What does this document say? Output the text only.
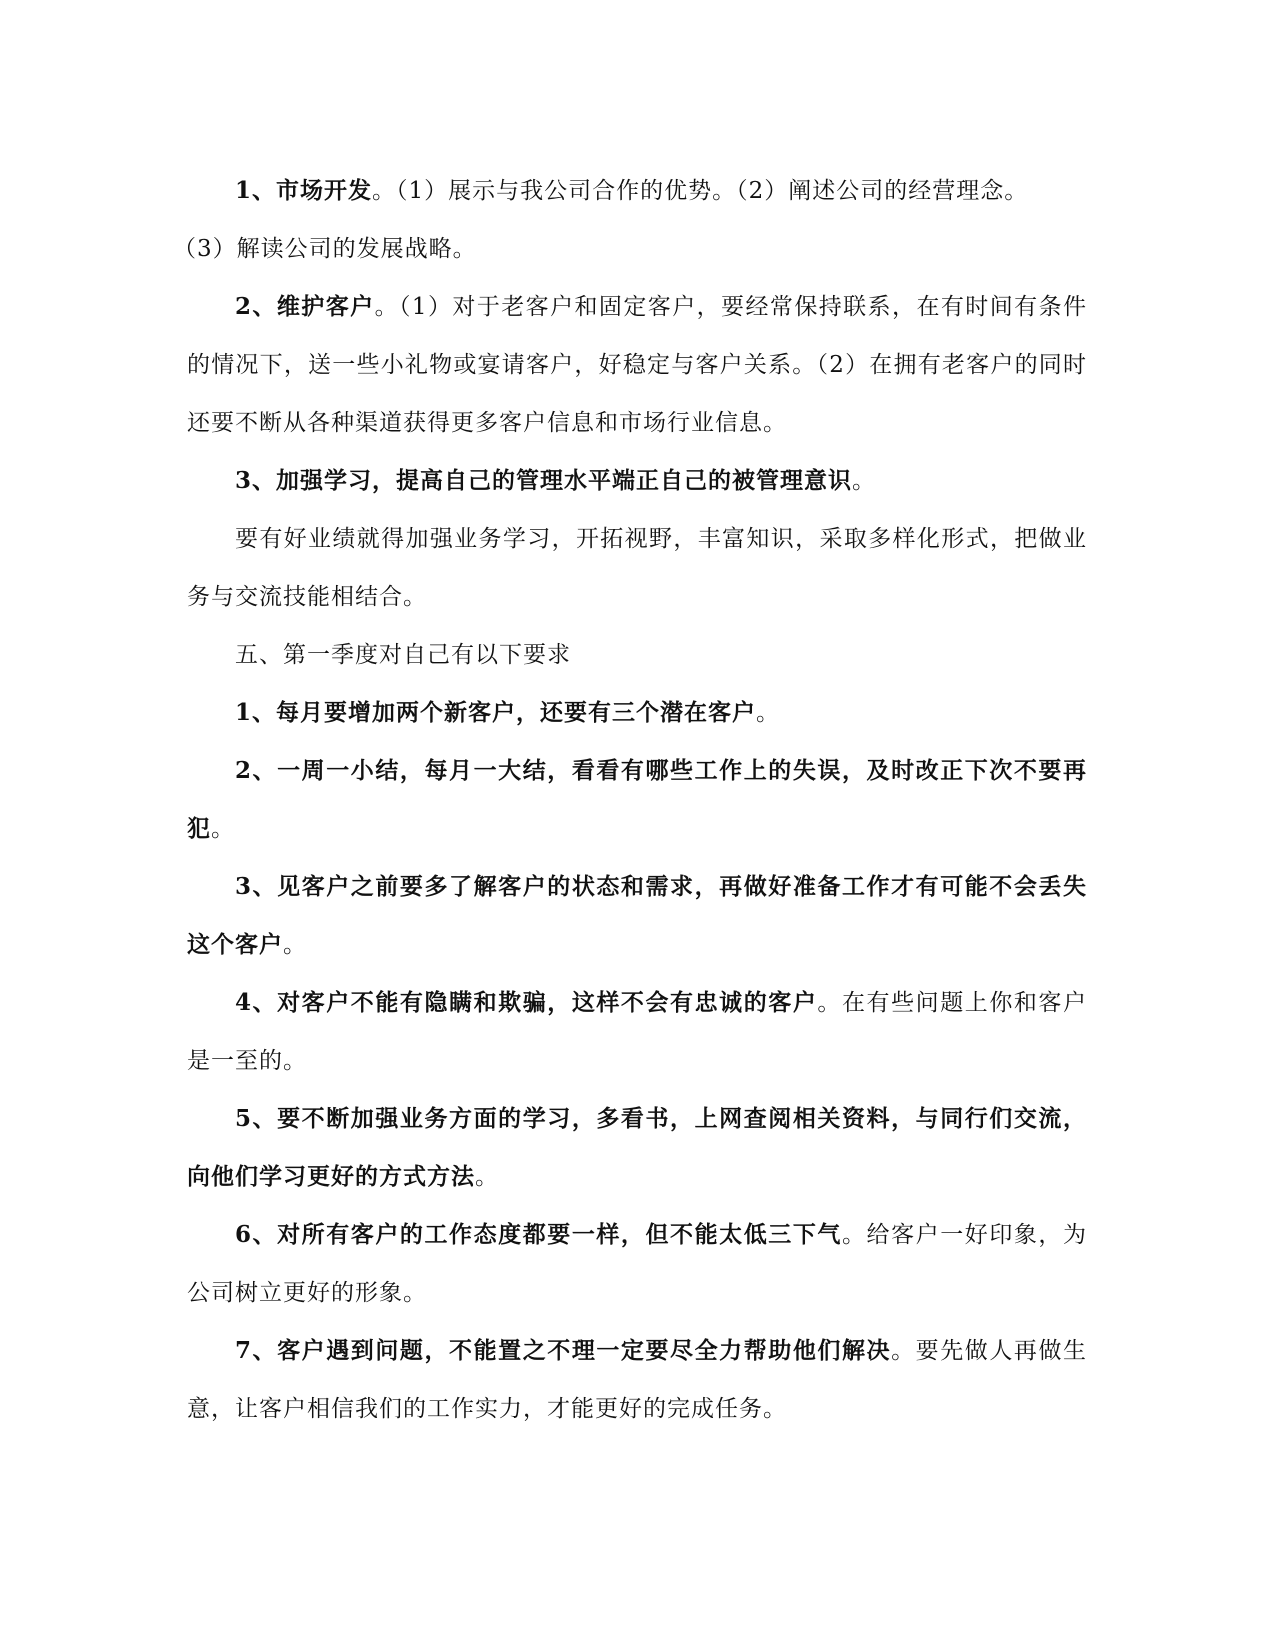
1、市场开发。（1）展示与我公司合作的优势。（2）阐述公司的经营理念。

（3）解读公司的发展战略。

2、维护客户。（1）对于老客户和固定客户，要经常保持联系，在有时间有条件的情况下，送一些小礼物或宴请客户，好稳定与客户关系。（2）在拥有老客户的同时还要不断从各种渠道获得更多客户信息和市场行业信息。

3、加强学习，提高自己的管理水平端正自己的被管理意识。

要有好业绩就得加强业务学习，开拓视野，丰富知识，采取多样化形式，把做业务与交流技能相结合。

五、第一季度对自己有以下要求

1、每月要增加两个新客户，还要有三个潜在客户。

2、一周一小结，每月一大结，看看有哪些工作上的失误，及时改正下次不要再犯。

3、见客户之前要多了解客户的状态和需求，再做好准备工作才有可能不会丢失这个客户。

4、对客户不能有隐瞒和欺骗，这样不会有忠诚的客户。在有些问题上你和客户是一至的。

5、要不断加强业务方面的学习，多看书，上网查阅相关资料，与同行们交流，向他们学习更好的方式方法。

6、对所有客户的工作态度都要一样，但不能太低三下气。给客户一好印象，为公司树立更好的形象。

7、客户遇到问题，不能置之不理一定要尽全力帮助他们解决。要先做人再做生意，让客户相信我们的工作实力，才能更好的完成任务。
